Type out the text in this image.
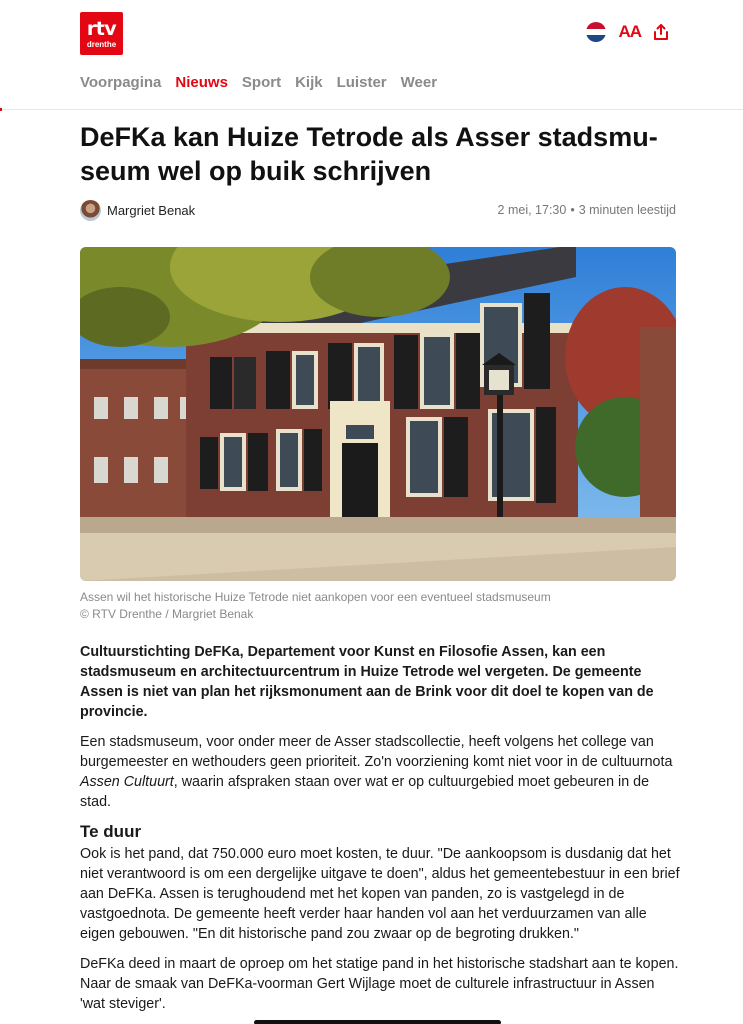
rtv
drenthe
AA
Voorpagina Nieuws Sport Kijk Luister Weer
DeFKa kan Huize Tetrode als Asser stadsmu-seum wel op buik schrijven
Margriet Benak	2 mei, 17:30 • 3 minuten leestijd
Assen wil het historische Huize Tetrode niet aankopen voor een eventueel stadsmuseum
© RTV Drenthe / Margriet Benak

Cultuurstichting DeFKa, Departement voor Kunst en Filosofie Assen, kan een stadsmuseum en architectuurcentrum in Huize Tetrode wel vergeten. De gemeente Assen is niet van plan het rijksmonument aan de Brink voor dit doel te kopen van de provincie.

Een stadsmuseum, voor onder meer de Asser stadscollectie, heeft volgens het college van burgemeester en wethouders geen prioriteit. Zo'n voorziening komt niet voor in de cultuurnota Assen Cultuurt, waarin afspraken staan over wat er op cultuurgebied moet gebeuren in de stad.

Te duur

Ook is het pand, dat 750.000 euro moet kosten, te duur. "De aankoopsom is dusdanig dat het niet verantwoord is om een dergelijke uitgave te doen", aldus het gemeentebestuur in een brief aan DeFKa. Assen is terughoudend met het kopen van panden, zo is vastgelegd in de vastgoednota. De gemeente heeft verder haar handen vol aan het verduurzamen van alle eigen gebouwen. "En dit historische pand zou zwaar op de begroting drukken."

DeFKa deed in maart de oproep om het statige pand in het historische stadshart aan te kopen. Naar de smaak van DeFKa-voorman Gert Wijlage moet de culturele infrastructuur in Assen 'wat steviger'.
